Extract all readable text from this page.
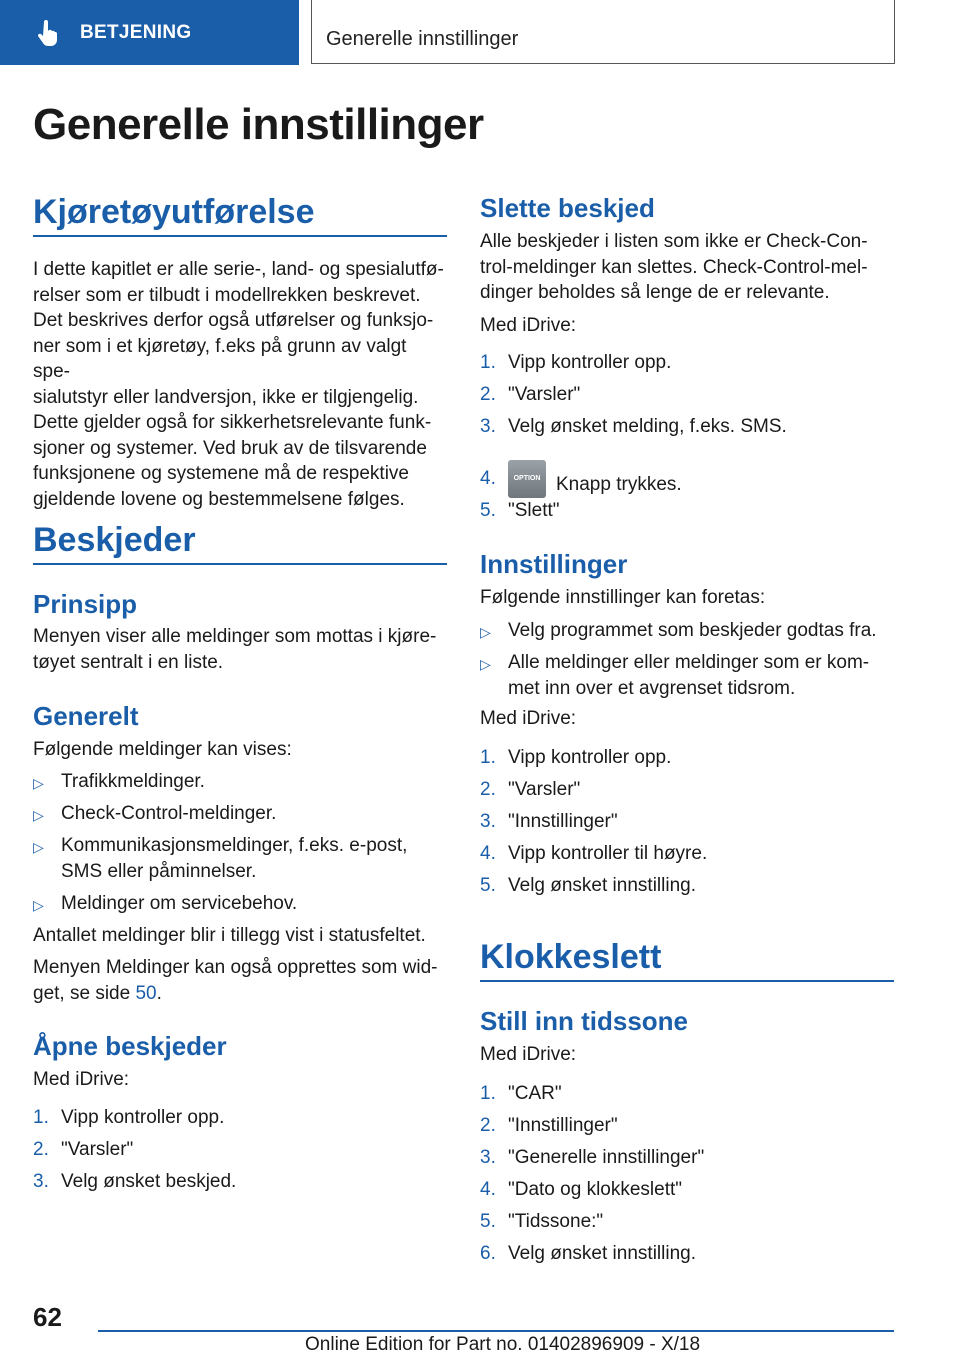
BETJENING	Generelle innstillinger
Generelle innstillinger
Kjøretøyutførelse

I dette kapitlet er alle serie-, land- og spesialutfø-
relser som er tilbudt i modellrekken beskrevet.
Det beskrives derfor også utførelser og funksjo-
ner som i et kjøretøy, f.eks på grunn av valgt spe-
sialutstyr eller landversjon, ikke er tilgjengelig.
Dette gjelder også for sikkerhetsrelevante funk-
sjoner og systemer. Ved bruk av de tilsvarende
funksjonene og systemene må de respektive
gjeldende lovene og bestemmelsene følges.

Beskjeder
Prinsipp

Menyen viser alle meldinger som mottas i kjøre-
tøyet sentralt i en liste.

Generelt

Følgende meldinger kan vises:

▷ Trafikkmeldinger.
▷ Check-Control-meldinger.
▷ Kommunikasjonsmeldinger, f.eks. e-post,
SMS eller påminnelser.
▷ Meldinger om servicebehov.

Antallet meldinger blir i tillegg vist i statusfeltet.

Menyen Meldinger kan også opprettes som wid-
get, se side 50.

Åpne beskjeder

Med iDrive:

1. Vipp kontroller opp.
2. "Varsler"
3. Velg ønsket beskjed.
Slette beskjed

Alle beskjeder i listen som ikke er Check-Con-
trol-meldinger kan slettes. Check-Control-mel-
dinger beholdes så lenge de er relevante.

Med iDrive:

1. Vipp kontroller opp.
2. "Varsler"
3. Velg ønsket melding, f.eks. SMS.
4.	OPTION Knapp trykkes.
5. "Slett"
Innstillinger

Følgende innstillinger kan foretas:

▷ Velg programmet som beskjeder godtas fra.
▷ Alle meldinger eller meldinger som er kom-
met inn over et avgrenset tidsrom.

Med iDrive:

1. Vipp kontroller opp.
2. "Varsler"
3. "Innstillinger"
4. Vipp kontroller til høyre.
5. Velg ønsket innstilling.
Klokkeslett
Still inn tidssone

Med iDrive:

1. "CAR"
2. "Innstillinger"
3. "Generelle innstillinger"
4. "Dato og klokkeslett"
5. "Tidssone:"
6. Velg ønsket innstilling.
62
Online Edition for Part no. 01402896909 - X/18
